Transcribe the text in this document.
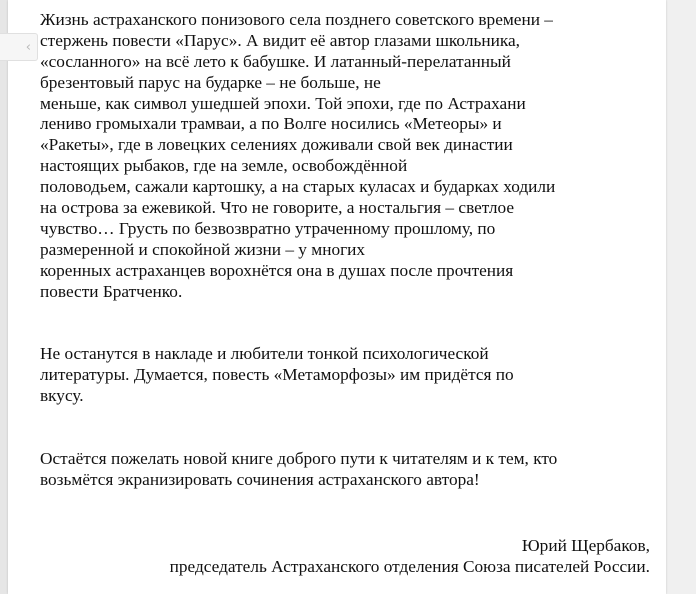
‹
Жизнь астраханского понизового села позднего советского времени –
стержень повести «Парус». А видит её автор глазами школьника,
«сосланного» на всё лето к бабушке. И латанный-перелатанный
брезентовый парус на бударке – не больше, не
меньше, как символ ушедшей эпохи. Той эпохи, где по Астрахани
лениво громыхали трамваи, а по Волге носились «Метеоры» и
«Ракеты», где в ловецких селениях доживали свой век династии
настоящих рыбаков, где на земле, освобождённой
половодьем, сажали картошку, а на старых куласах и бударках ходили
на острова за ежевикой. Что не говорите, а ностальгия – светлое
чувство… Грусть по безвозвратно утраченному прошлому, по
размеренной и спокойной жизни – у многих
коренных астраханцев ворохнётся она в душах после прочтения
повести Братченко.
Не останутся в накладе и любители тонкой психологической
литературы. Думается, повесть «Метаморфозы» им придётся по
вкусу.
Остаётся пожелать новой книге доброго пути к читателям и к тем, кто
возьмётся экранизировать сочинения астраханского автора!
Юрий Щербаков,
председатель Астраханского отделения Союза писателей России.
